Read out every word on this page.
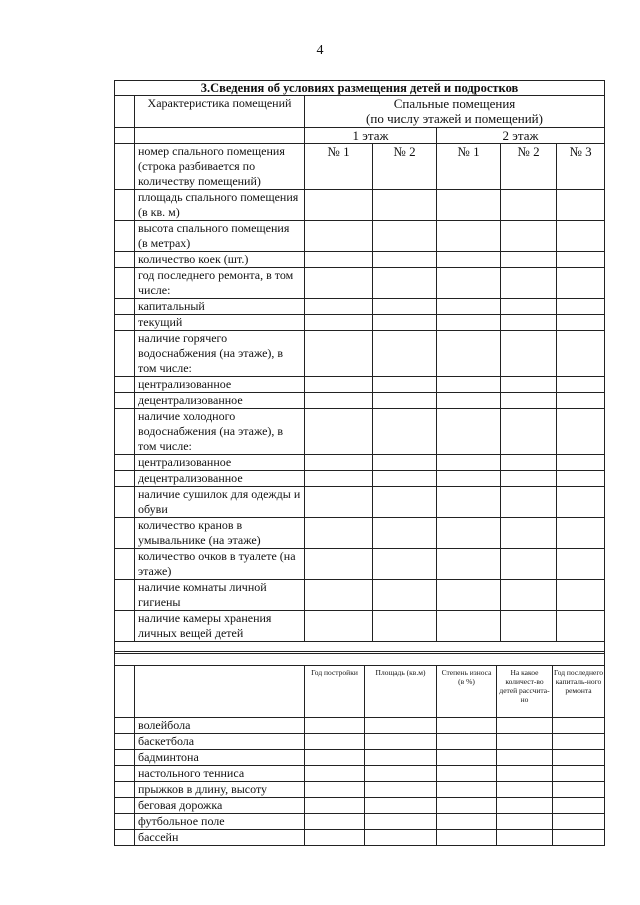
4
3.Сведения об условиях размещения детей и подростков						
	Характеристика помещений	Спальные помещения
(по числу этажей и помещений)				

		1 этаж		2 этаж		
	номер спального помещения (строка разбивается по количеству помещений)	№ 1	№ 2	№ 1	№ 2	№ 3
	площадь спального помещения (в кв. м)					
	высота спального помещения (в метрах)					
	количество коек (шт.)					
	год последнего ремонта, в том числе:					
	капитальный					
	текущий					
	наличие горячего водоснабжения (на этаже), в том числе:					
	централизованное					
	децентрализованное					
	наличие холодного водоснабжения (на этаже), в том числе:					
	централизованное					
	децентрализованное					
	наличие сушилок для одежды и обуви					
	количество кранов в умывальнике (на этаже)					
	количество очков в туалете (на этаже)					
	наличие комнаты личной гигиены					
	наличие камеры хранения личных вещей детей					

		Год постройки	Площадь (кв.м)	Степень износа (в %)	На какое количест-во детей рассчита-но	Год последнего капиталь-ного ремонта
	волейбола					
	баскетбола					
	бадминтона					
	настольного тенниса					
	прыжков в длину, высоту					
	беговая дорожка					
	футбольное поле					
	бассейн					
